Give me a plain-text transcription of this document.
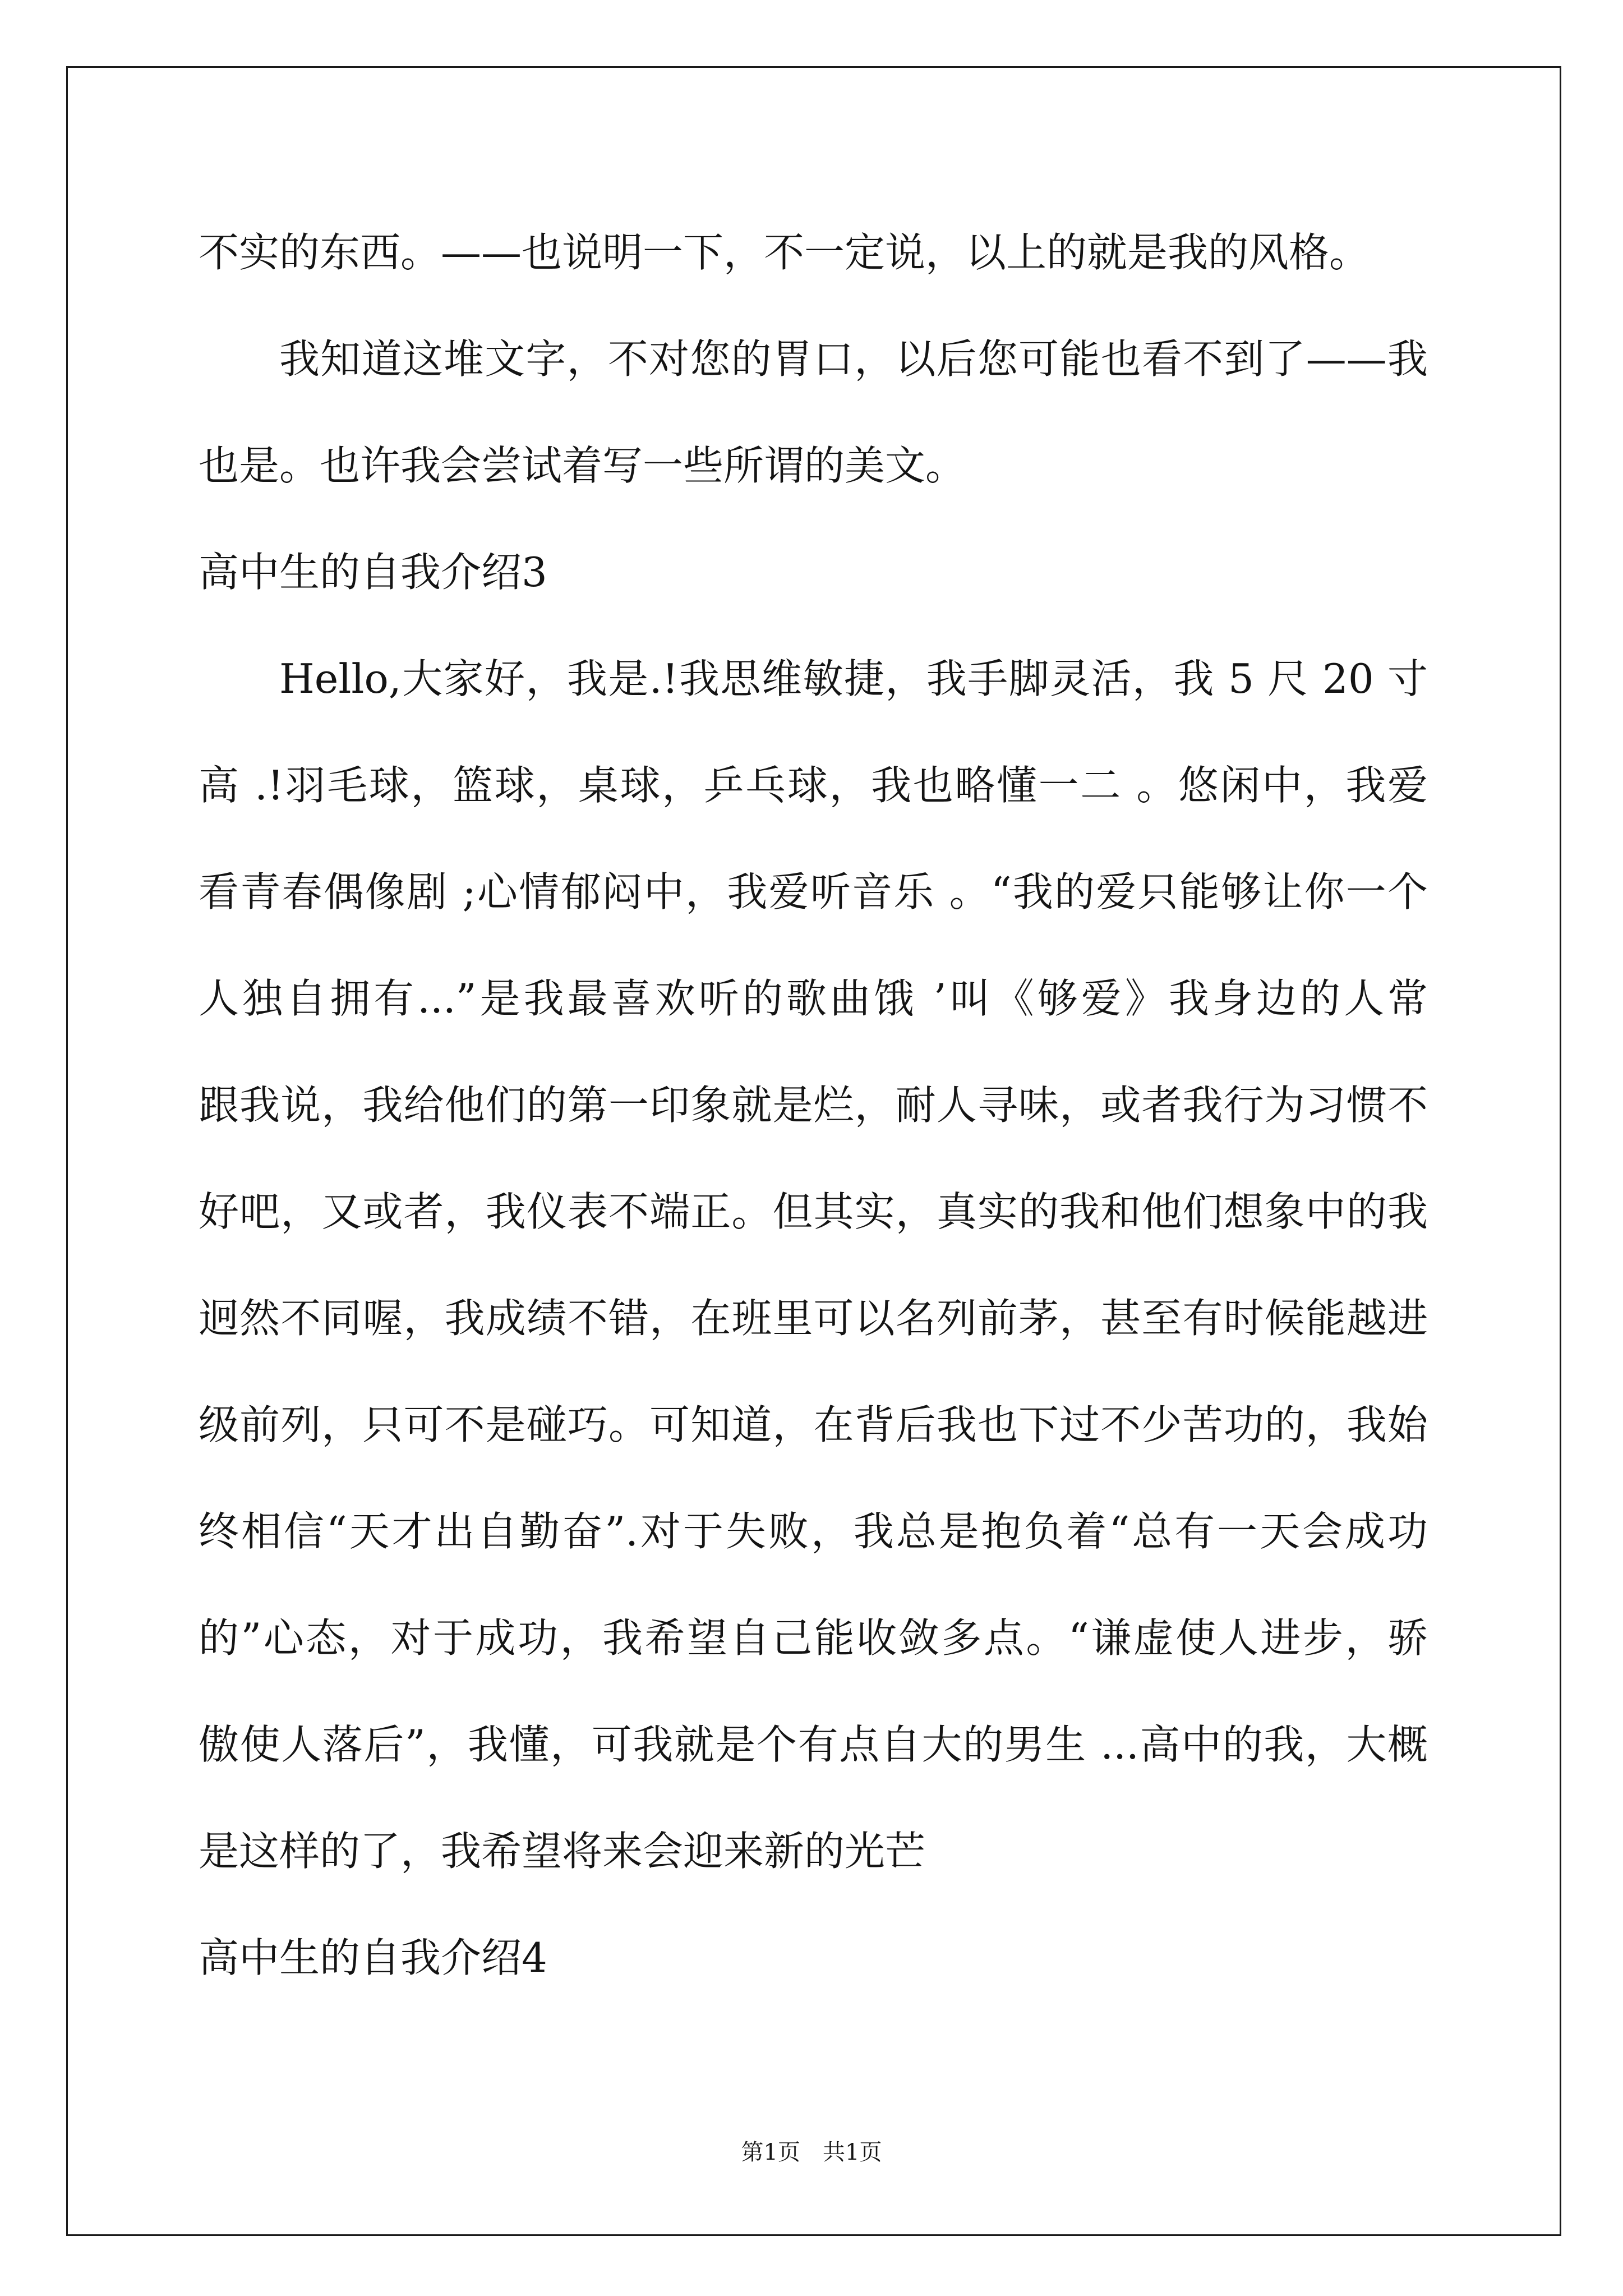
不实的东西。——也说明一下，不一定说，以上的就是我的风格。

我知道这堆文字，不对您的胃口，以后您可能也看不到了——我

也是。也许我会尝试着写一些所谓的美文。

高中生的自我介绍3

Hello,大家好，我是.!我思维敏捷，我手脚灵活，我 5 尺 20 寸

高 .!羽毛球，篮球，桌球，乒乓球，我也略懂一二 。悠闲中，我爱

看青春偶像剧 ;心情郁闷中，我爱听音乐 。“我的爱只能够让你一个

人独自拥有...”是我最喜欢听的歌曲饿 ’叫《够爱》我身边的人常

跟我说，我给他们的第一印象就是烂，耐人寻味，或者我行为习惯不

好吧，又或者，我仪表不端正。但其实，真实的我和他们想象中的我

迥然不同喔，我成绩不错，在班里可以名列前茅，甚至有时候能越进

级前列，只可不是碰巧。可知道，在背后我也下过不少苦功的，我始

终相信“天才出自勤奋”.对于失败，我总是抱负着“总有一天会成功

的”心态，对于成功，我希望自己能收敛多点。“谦虚使人进步，骄

傲使人落后”，我懂，可我就是个有点自大的男生 ...高中的我，大概

是这样的了，我希望将来会迎来新的光芒

高中生的自我介绍4
第1页　共1页
